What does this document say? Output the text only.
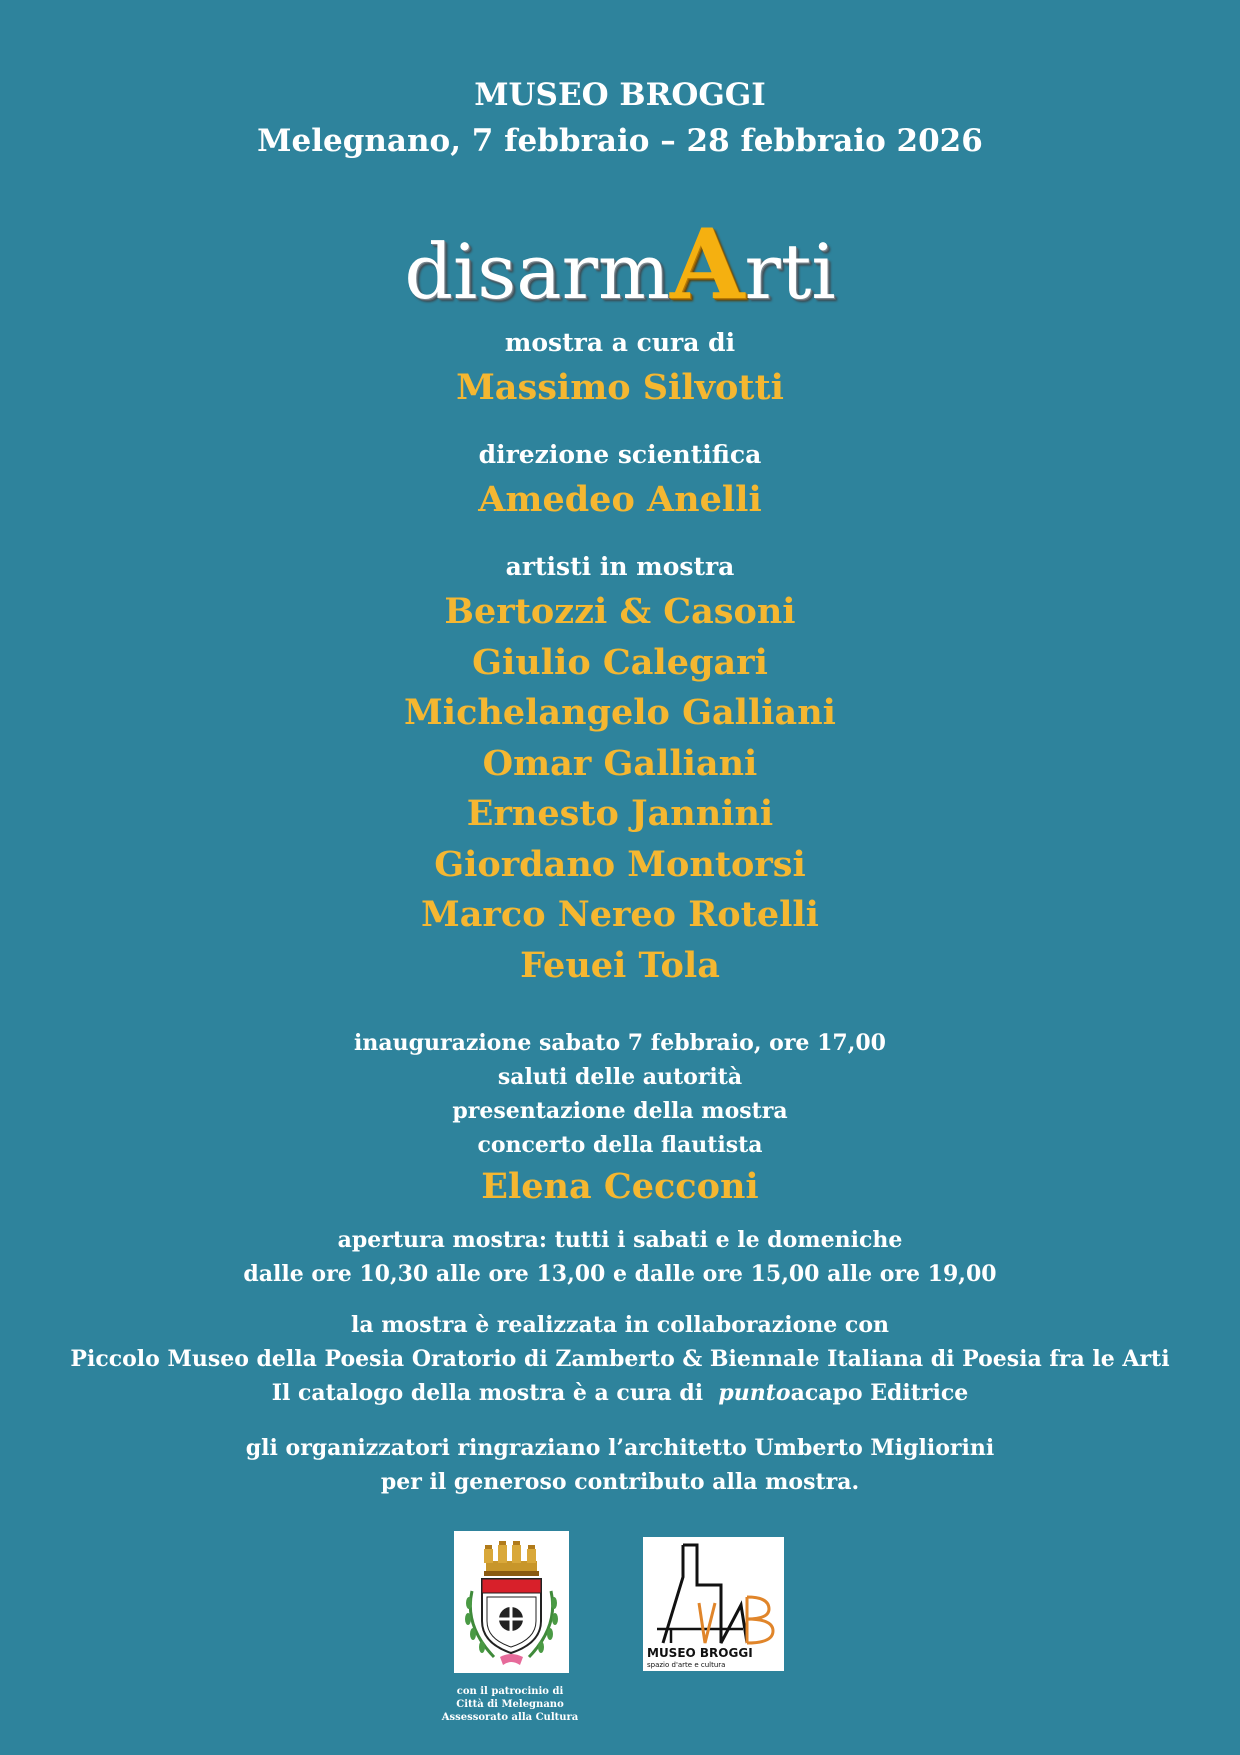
MUSEO BROGGI
Melegnano, 7 febbraio – 28 febbraio 2026
disarmArti
mostra a cura di
Massimo Silvotti
direzione scientifica
Amedeo Anelli
artisti in mostra
Bertozzi & Casoni
Giulio Calegari
Michelangelo Galliani
Omar Galliani
Ernesto Jannini
Giordano Montorsi
Marco Nereo Rotelli
Feuei Tola
inaugurazione sabato 7 febbraio, ore 17,00
saluti delle autorità
presentazione della mostra
concerto della flautista
Elena Cecconi
apertura mostra: tutti i sabati e le domeniche
dalle ore 10,30 alle ore 13,00 e dalle ore 15,00 alle ore 19,00
la mostra è realizzata in collaborazione con
Piccolo Museo della Poesia Oratorio di Zamberto & Biennale Italiana di Poesia fra le Arti
Il catalogo della mostra è a cura di puntoacapo Editrice
gli organizzatori ringraziano l’architetto Umberto Migliorini
per il generoso contributo alla mostra.
con il patrocinio di
Città di Melegnano
Assessorato alla Cultura
MUSEO BROGGI
spazio d'arte e cultura
